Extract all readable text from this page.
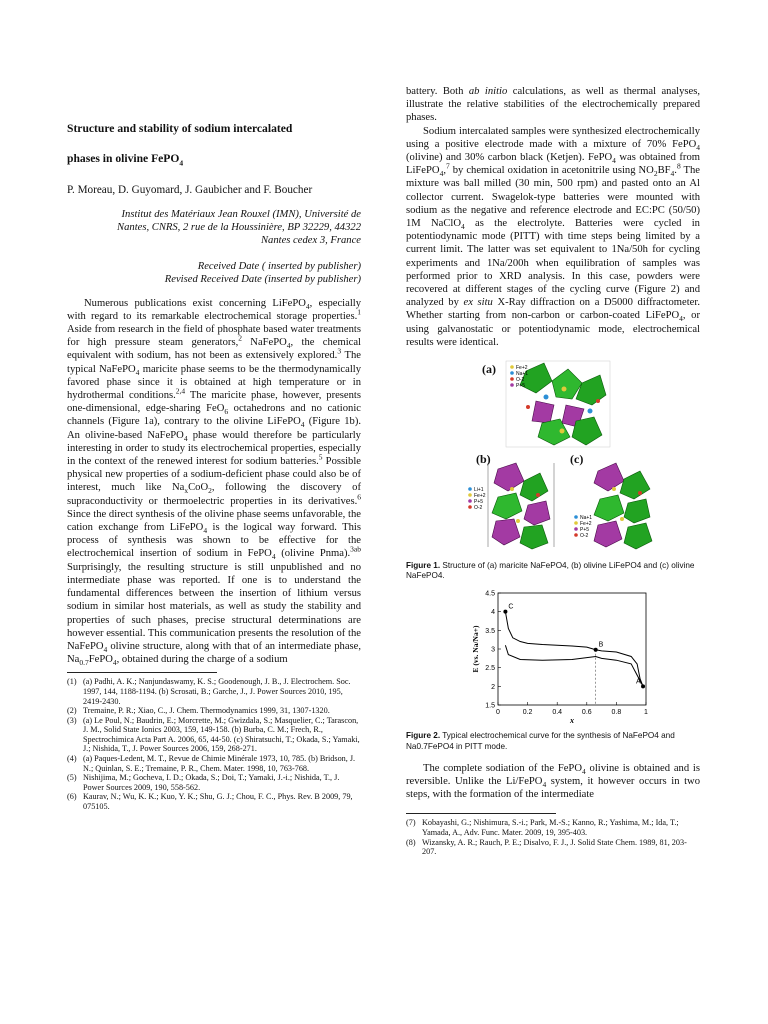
Structure and stability of sodium intercalated

phases in olivine FePO$_4$

P. Moreau, D. Guyomard, J. Gaubicher and F. Boucher

Institut des Matériaux Jean Rouxel (IMN), Université de
Nantes, CNRS, 2 rue de la Houssinière, BP 32229, 44322
Nantes cedex 3, France
Received Date ( inserted by publisher)
Revised Received Date (inserted by publisher)

Numerous publications exist concerning LiFePO$_4$, especially with regard to its remarkable electrochemical storage properties.$^1$ Aside from research in the field of phosphate based water treatments for high pressure steam generators,$^2$ NaFePO$_4$, the chemical equivalent with sodium, has not been as extensively explored.$^3$ The typical NaFePO$_4$ maricite phase seems to be the thermodynamically favored phase since it is obtained at high temperature or in hydrothermal conditions.$^{2,4}$ The maricite phase, however, presents one-dimensional, edge-sharing FeO$_6$ octahedrons and no cationic channels (Figure 1a), contrary to the olivine LiFePO$_4$ (Figure 1b). An olivine-based NaFePO$_4$ phase would therefore be particularly interesting in order to study its electrochemical properties, especially in the context of the renewed interest for sodium batteries.$^5$ Possible physical new properties of a sodium-deficient phase could also be of interest, much like $Na_xCoO_2$, following the discovery of supraconductivity or thermoelectric properties in its derivatives.$^6$ Since the direct synthesis of the olivine phase seems unfavorable, the cation exchange from LiFePO$_4$ is the logical way forward. This process of synthesis was shown to be effective for the electrochemical insertion of sodium in FePO$_4$ (olivine Pnma).$^{3ab}$ Surprisingly, the resulting structure is still unpublished and no intermediate phase was reported. If one is to understand the fundamental differences between the insertion of lithium versus sodium in similar host materials, as well as study the stability and properties of such phases, precise structural determinations are however essential. This communication presents the resolution of the NaFePO$_4$ olivine structure, along with that of an intermediate phase, $Na_{0.7}FePO_4$, obtained during the charge of a sodium

(1) (a) Padhi, A. K.; Nanjundaswamy, K. S.; Goodenough, J. B., J. Electrochem. Soc. 1997, 144, 1188-1194. (b) Scrosati, B.; Garche, J., J. Power Sources 2010, 195, 2419-2430.
(2) Tremaine, P. R.; Xiao, C., J. Chem. Thermodynamics 1999, 31, 1307-1320.
(3) (a) Le Poul, N.; Baudrin, E.; Morcrette, M.; Gwizdala, S.; Masquelier, C.; Tarascon, J. M., Solid State Ionics 2003, 159, 149-158. (b) Burba, C. M.; Frech, R., Spectrochimica Acta Part A. 2006, 65, 44-50. (c) Shiratsuchi, T.; Okada, S.; Yamaki, J.; Nishida, T., J. Power Sources 2006, 159, 268-271.
(4) (a) Paques-Ledent, M. T., Revue de Chimie Minérale 1973, 10, 785. (b) Bridson, J. N.; Quinlan, S. E.; Tremaine, P. R., Chem. Mater. 1998, 10, 763-768.
(5) Nishijima, M.; Gocheva, I. D.; Okada, S.; Doi, T.; Yamaki, J.-i.; Nishida, T., J. Power Sources 2009, 190, 558-562.
(6) Kaurav, N.; Wu, K. K.; Kuo, Y. K.; Shu, G. J.; Chou, F. C., Phys. Rev. B 2009, 79, 075105.

battery. Both ab initio calculations, as well as thermal analyses, illustrate the relative stabilities of the electrochemically prepared phases.

Sodium intercalated samples were synthesized electrochemically using a positive electrode made with a mixture of 70% FePO$_4$ (olivine) and 30% carbon black (Ketjen). FePO$_4$ was obtained from LiFePO$_4$,$^7$ by chemical oxidation in acetonitrile using $NO_2BF_4.^8$ The mixture was ball milled (30 min, 500 rpm) and pasted onto an Al collector current. Swagelok-type batteries were mounted with sodium as the negative and reference electrode and EC:PC (50/50) 1M NaClO$_4$ as the electrolyte. Batteries were cycled in potentiodynamic mode (PITT) with time steps being limited by a current limit. The latter was set equivalent to 1Na/50h for cycling experiments and 1Na/200h when equilibration of samples was performed prior to XRD analysis. In this case, powders were recovered at different stages of the cycling curve (Figure 2) and analyzed by ex situ X-Ray diffraction on a D5000 diffractometer. Whether starting from non-carbon or carbon-coated LiFePO$_4$, or using galvanostatic or potentiodynamic mode, electrochemical results were identical.

(a)
(b)	(c)
Fe+2
Na+1
O-2
P+5
Li+1
Fe+2
P+5
O-2
Na+1
Fe+2
P+5
O-2

Figure 1. Structure of (a) maricite NaFePO4, (b) olivine LiFePO4 and (c) olivine NaFePO4.

0	0.2	0.4	0.6	0.8	1
1.5
2
2.5
3
3.5
4
4.5
x
E (vs. Na/Na+)
C
B
A

Figure 2. Typical electrochemical curve for the synthesis of NaFePO4 and Na0.7FePO4 in PITT mode.

The complete sodiation of the FePO$_4$ olivine is obtained and is reversible. Unlike the Li/FePO$_4$ system, it however occurs in two steps, with the formation of the intermediate

(7) Kobayashi, G.; Nishimura, S.-i.; Park, M.-S.; Kanno, R.; Yashima, M.; Ida, T.; Yamada, A., Adv. Func. Mater. 2009, 19, 395-403.
(8) Wizansky, A. R.; Rauch, P. E.; Disalvo, F. J., J. Solid State Chem. 1989, 81, 203-207.
